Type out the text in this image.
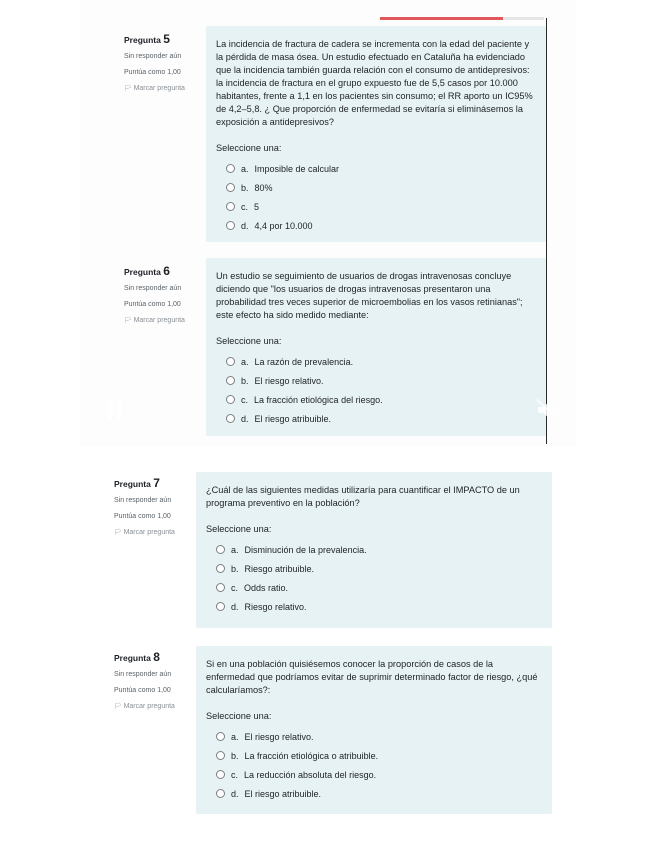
Pregunta 5
Sin responder aún
Puntúa como 1,00
🏳 Marcar pregunta
La incidencia de fractura de cadera se incrementa con la edad del paciente y la pérdida de masa ósea. Un estudio efectuado en Cataluña ha evidenciado que la incidencia también guarda relación con el consumo de antidepresivos: la incidencia de fractura en el grupo expuesto fue de 5,5 casos por 10.000 habitantes, frente a 1,1 en los pacientes sin consumo; el RR aporto un IC95% de 4,2–5,8. ¿ Que proporción de enfermedad se evitaría si eliminásemos la exposición a antidepresivos?
Seleccione una:
a. Imposible de calcular
b. 80%
c. 5
d. 4,4 por 10.000
Pregunta 6
Sin responder aún
Puntúa como 1,00
🏳 Marcar pregunta
Un estudio se seguimiento de usuarios de drogas intravenosas concluye diciendo que "los usuarios de drogas intravenosas presentaron una probabilidad tres veces superior de microembolias en los vasos retinianas"; este efecto ha sido medido mediante:
Seleccione una:
a. La razón de prevalencia.
b. El riesgo relativo.
c. La fracción etiológica del riesgo.
d. El riesgo atribuible.
Pregunta 7
Sin responder aún
Puntúa como 1,00
🏳 Marcar pregunta
¿Cuál de las siguientes medidas utilizaría para cuantificar el IMPACTO de un programa preventivo en la población?
Seleccione una:
a. Disminución de la prevalencia.
b. Riesgo atribuible.
c. Odds ratio.
d. Riesgo relativo.
Pregunta 8
Sin responder aún
Puntúa como 1,00
🏳 Marcar pregunta
Si en una población quisiésemos conocer la proporción de casos de la enfermedad que podríamos evitar de suprimir determinado factor de riesgo, ¿qué calcularíamos?:
Seleccione una:
a. El riesgo relativo.
b. La fracción etiológica o atribuible.
c. La reducción absoluta del riesgo.
d. El riesgo atribuible.
